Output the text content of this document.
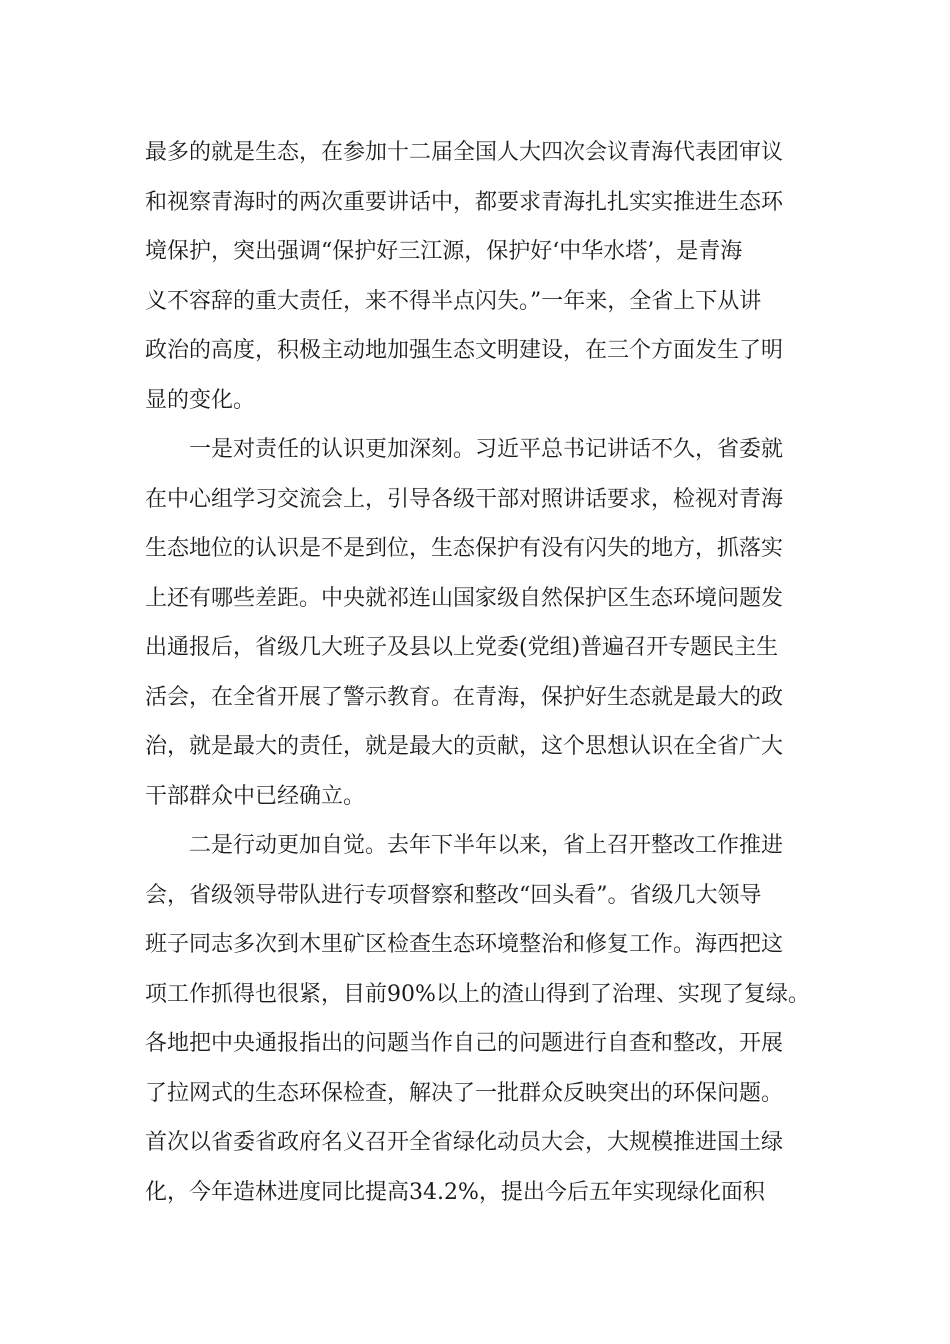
最多的就是生态，在参加十二届全国人大四次会议青海代表团审议
和视察青海时的两次重要讲话中，都要求青海扎扎实实推进生态环
境保护，突出强调“保护好三江源，保护好‘中华水塔’，是青海
义不容辞的重大责任，来不得半点闪失。”一年来，全省上下从讲
政治的高度，积极主动地加强生态文明建设，在三个方面发生了明
显的变化。
一是对责任的认识更加深刻。习近平总书记讲话不久，省委就
在中心组学习交流会上，引导各级干部对照讲话要求，检视对青海
生态地位的认识是不是到位，生态保护有没有闪失的地方，抓落实
上还有哪些差距。中央就祁连山国家级自然保护区生态环境问题发
出通报后，省级几大班子及县以上党委(党组)普遍召开专题民主生
活会，在全省开展了警示教育。在青海，保护好生态就是最大的政
治，就是最大的责任，就是最大的贡献，这个思想认识在全省广大
干部群众中已经确立。
二是行动更加自觉。去年下半年以来，省上召开整改工作推进
会，省级领导带队进行专项督察和整改“回头看”。省级几大领导
班子同志多次到木里矿区检查生态环境整治和修复工作。海西把这
项工作抓得也很紧，目前90%以上的渣山得到了治理、实现了复绿。
各地把中央通报指出的问题当作自己的问题进行自查和整改，开展
了拉网式的生态环保检查，解决了一批群众反映突出的环保问题。
首次以省委省政府名义召开全省绿化动员大会，大规模推进国土绿
化，今年造林进度同比提高34.2%，提出今后五年实现绿化面积
